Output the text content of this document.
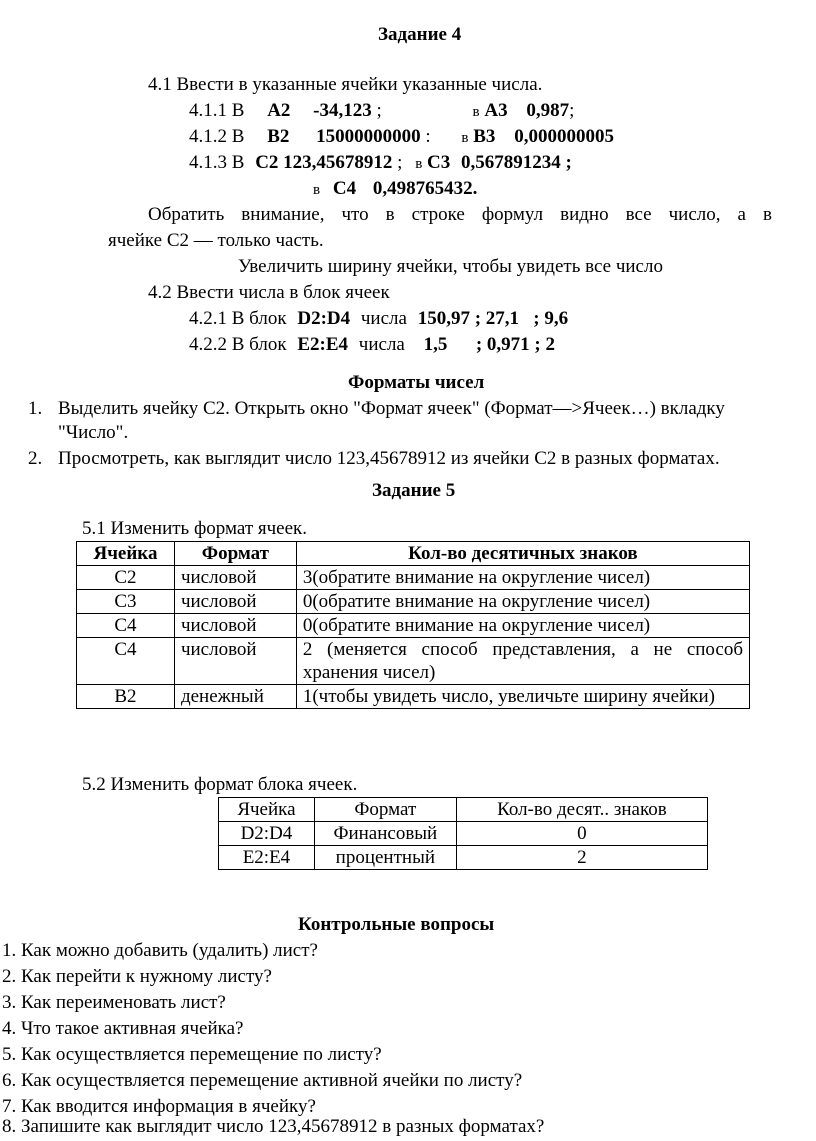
Задание 4
4.1 Ввести в указанные ячейки указанные числа.
4.1.1 В A2 -34,123 ;	в A3 0,987;
4.1.2 В B2 15000000000 : в B3 0,000000005
4.1.3 В C2 123,45678912 ; в C3 0,567891234 ;
в C4 0,498765432.
Обратить внимание, что в строке формул видно все число, а в
ячейке С2 — только часть.
Увеличить ширину ячейки, чтобы увидеть все число
4.2 Ввести числа в блок ячеек
4.2.1 В блок D2:D4 числа 150,97 ; 27,1   ; 9,6
4.2.2 В блок E2:E4 числа 1,5      ; 0,971 ; 2
Форматы чисел
1. Выделить ячейку С2. Открыть окно "Формат ячеек" (Формат—>Ячеек…) вкладку
"Число".
2. Просмотреть, как выглядит число 123,45678912 из ячейки С2 в разных форматах.
Задание 5
5.1 Изменить формат ячеек.
Ячейка	Формат	Кол-во десятичных знаков
C2	числовой	3(обратите внимание на округление чисел)
C3	числовой	0(обратите внимание на округление чисел)
C4	числовой	0(обратите внимание на округление чисел)
C4	числовой	2 (меняется способ представления, а не способ хранения чисел)
B2	денежный	1(чтобы увидеть число, увеличьте ширину ячейки)
5.2 Изменить формат блока ячеек.
Ячейка	Формат	Кол-во десят.. знаков
D2:D4	Финансовый	0
E2:E4	процентный	2
Контрольные вопросы
1. Как можно добавить (удалить) лист?
2. Как перейти к нужному листу?
3. Как переименовать лист?
4. Что такое активная ячейка?
5. Как осуществляется перемещение по листу?
6. Как осуществляется перемещение активной ячейки по листу?
7. Как вводится информация в ячейку?
8. Запишите как выглядит число 123,45678912 в разных форматах?
